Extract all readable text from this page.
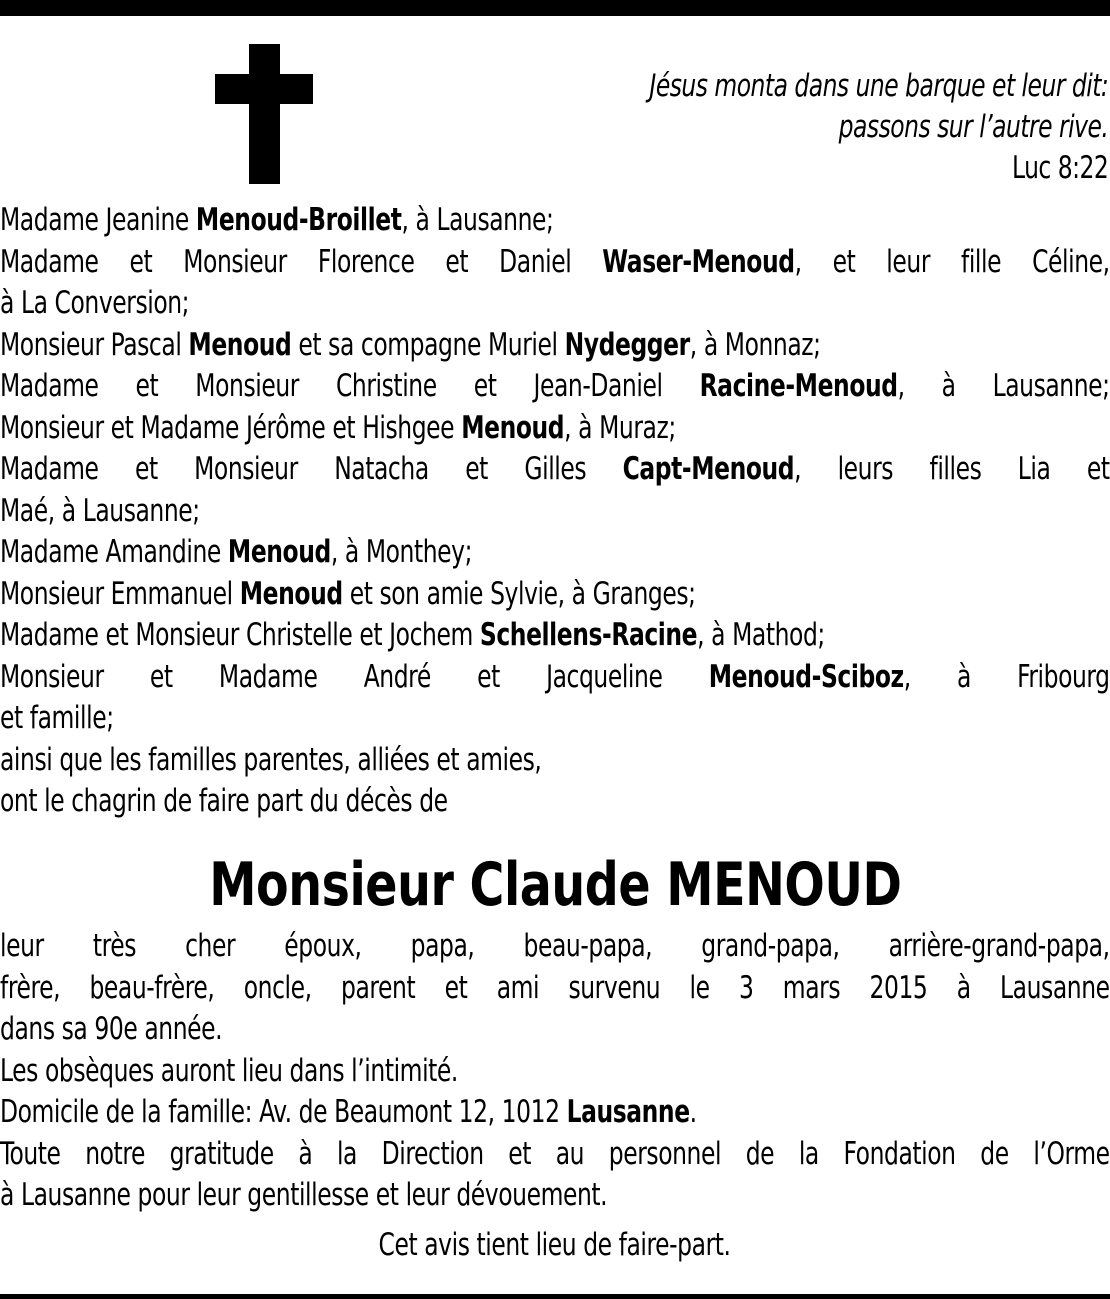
Jésus monta dans une barque et leur dit:
passons sur l’autre rive.
Luc 8:22
Madame Jeanine Menoud-Broillet, à Lausanne;
Madame et Monsieur Florence et Daniel Waser-Menoud, et leur fille Céline,
à La Conversion;
Monsieur Pascal Menoud et sa compagne Muriel Nydegger, à Monnaz;
Madame et Monsieur Christine et Jean-Daniel Racine-Menoud, à Lausanne;
Monsieur et Madame Jérôme et Hishgee Menoud, à Muraz;
Madame et Monsieur Natacha et Gilles Capt-Menoud, leurs filles Lia et
Maé, à Lausanne;
Madame Amandine Menoud, à Monthey;
Monsieur Emmanuel Menoud et son amie Sylvie, à Granges;
Madame et Monsieur Christelle et Jochem Schellens-Racine, à Mathod;
Monsieur et Madame André et Jacqueline Menoud-Sciboz, à Fribourg
et famille;
ainsi que les familles parentes, alliées et amies,
ont le chagrin de faire part du décès de
Monsieur Claude MENOUD
leur très cher époux, papa, beau-papa, grand-papa, arrière-grand-papa,
frère, beau-frère, oncle, parent et ami survenu le 3 mars 2015 à Lausanne
dans sa 90e année.
Les obsèques auront lieu dans l’intimité.
Domicile de la famille: Av. de Beaumont 12, 1012 Lausanne.
Toute notre gratitude à la Direction et au personnel de la Fondation de l’Orme
à Lausanne pour leur gentillesse et leur dévouement.
Cet avis tient lieu de faire-part.
